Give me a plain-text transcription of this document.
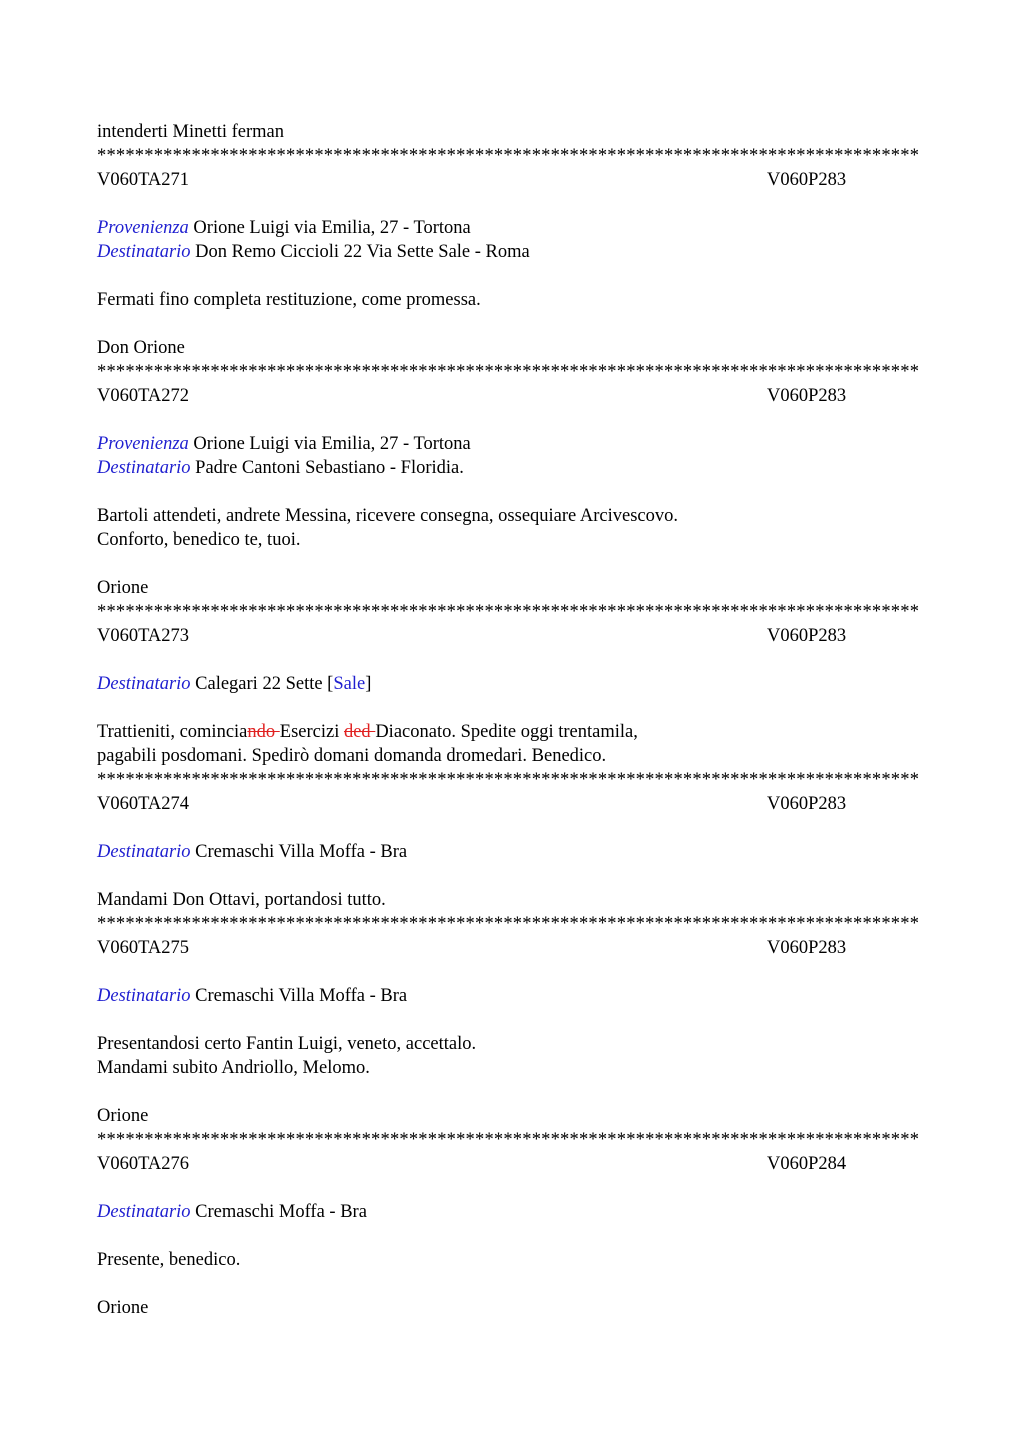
intenderti Minetti ferman
***************************************************************************************
V060TA271	V060P283
Provenienza Orione Luigi via Emilia, 27 - Tortona
Destinatario Don Remo Ciccioli 22 Via Sette Sale - Roma
Fermati fino completa restituzione, come promessa.
Don Orione
***************************************************************************************
V060TA272	V060P283
Provenienza Orione Luigi via Emilia, 27 - Tortona
Destinatario Padre Cantoni Sebastiano - Floridia.
Bartoli attendeti, andrete Messina, ricevere consegna, ossequiare Arcivescovo.
Conforto, benedico te, tuoi.
Orione
***************************************************************************************
V060TA273	V060P283
Destinatario Calegari 22 Sette [Sale]
Trattieniti, cominciando Esercizi ded Diaconato. Spedite oggi trentamila,
pagabili posdomani. Spedirò domani domanda dromedari. Benedico.
***************************************************************************************
V060TA274	V060P283
Destinatario Cremaschi Villa Moffa - Bra
Mandami Don Ottavi, portandosi tutto.
***************************************************************************************
V060TA275	V060P283
Destinatario Cremaschi Villa Moffa - Bra
Presentandosi certo Fantin Luigi, veneto, accettalo.
Mandami subito Andriollo, Melomo.
Orione
***************************************************************************************
V060TA276	V060P284
Destinatario Cremaschi Moffa - Bra
Presente, benedico.
Orione
